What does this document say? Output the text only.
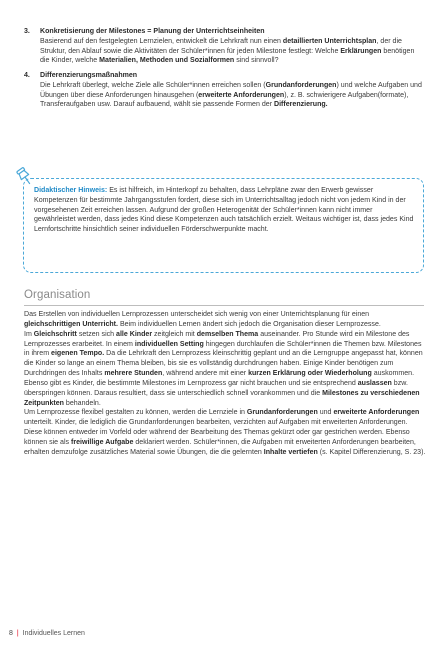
3. Konkretisierung der Milestones = Planung der Unterrichtseinheiten
Basierend auf den festgelegten Lernzielen, entwickelt die Lehrkraft nun einen detaillierten Unterrichtsplan, der die Struktur, den Ablauf sowie die Aktivitäten der Schüler*innen für jeden Milestone festlegt: Welche Erklärungen benötigen die Kinder, welche Materialien, Methoden und Sozialformen sind sinnvoll?
4. Differenzierungsmaßnahmen
Die Lehrkraft überlegt, welche Ziele alle Schüler*innen erreichen sollen (Grundanforderungen) und welche Aufgaben und Übungen über diese Anforderungen hinausgehen (erweiterte Anforderungen), z. B. schwierigere Aufgaben(formate), Transferaufgaben usw. Darauf aufbauend, wählt sie passende Formen der Differenzierung.
Didaktischer Hinweis: Es ist hilfreich, im Hinterkopf zu behalten, dass Lehrpläne zwar den Erwerb gewisser Kompetenzen für bestimmte Jahrgangsstufen fordert, diese sich im Unterrichtsalltag jedoch nicht von jedem Kind in der vorgesehenen Zeit erreichen lassen. Aufgrund der großen Heterogenität der Schüler*innen kann nicht immer gewährleistet werden, dass jedes Kind diese Kompetenzen auch tatsächlich erzielt. Weitaus wichtiger ist, dass jedes Kind Lernfortschritte hinsichtlich seiner individuellen Förderschwerpunkte macht.
Organisation

Das Erstellen von individuellen Lernprozessen unterscheidet sich wenig von einer Unterrichtsplanung für einen gleichschrittigen Unterricht. Beim individuellen Lernen ändert sich jedoch die Organisation dieser Lernprozesse.

Im Gleichschritt setzen sich alle Kinder zeitgleich mit demselben Thema auseinander. Pro Stunde wird ein Milestone des Lernprozesses erarbeitet. In einem individuellen Setting hingegen durchlaufen die Schüler*innen die Themen bzw. Milestones in ihrem eigenen Tempo. Da die Lehrkraft den Lernprozess kleinschrittig geplant und an die Lerngruppe angepasst hat, können die Kinder so lange an einem Thema bleiben, bis sie es vollständig durchdrungen haben. Einige Kinder benötigen zum Durchdringen des Inhalts mehrere Stunden, während andere mit einer kurzen Erklärung oder Wiederholung auskommen. Ebenso gibt es Kinder, die bestimmte Milestones im Lernprozess gar nicht brauchen und sie entsprechend auslassen bzw. überspringen können. Daraus resultiert, dass sie unterschiedlich schnell vorankommen und die Milestones zu verschiedenen Zeitpunkten behandeln.

Um Lernprozesse flexibel gestalten zu können, werden die Lernziele in Grundanforderungen und erweiterte Anforderungen unterteilt. Kinder, die lediglich die Grundanforderungen bearbeiten, verzichten auf Aufgaben mit erweiterten Anforderungen. Diese können entweder im Vorfeld oder während der Bearbeitung des Themas gekürzt oder gar gestrichen werden. Ebenso können sie als freiwillige Aufgabe deklariert werden. Schüler*innen, die Aufgaben mit erweiterten Anforderungen bearbeiten, erhalten demzufolge zusätzliches Material sowie Übungen, die die gelernten Inhalte vertiefen (s. Kapitel Differenzierung, S. 23).

8 | Individuelles Lernen
